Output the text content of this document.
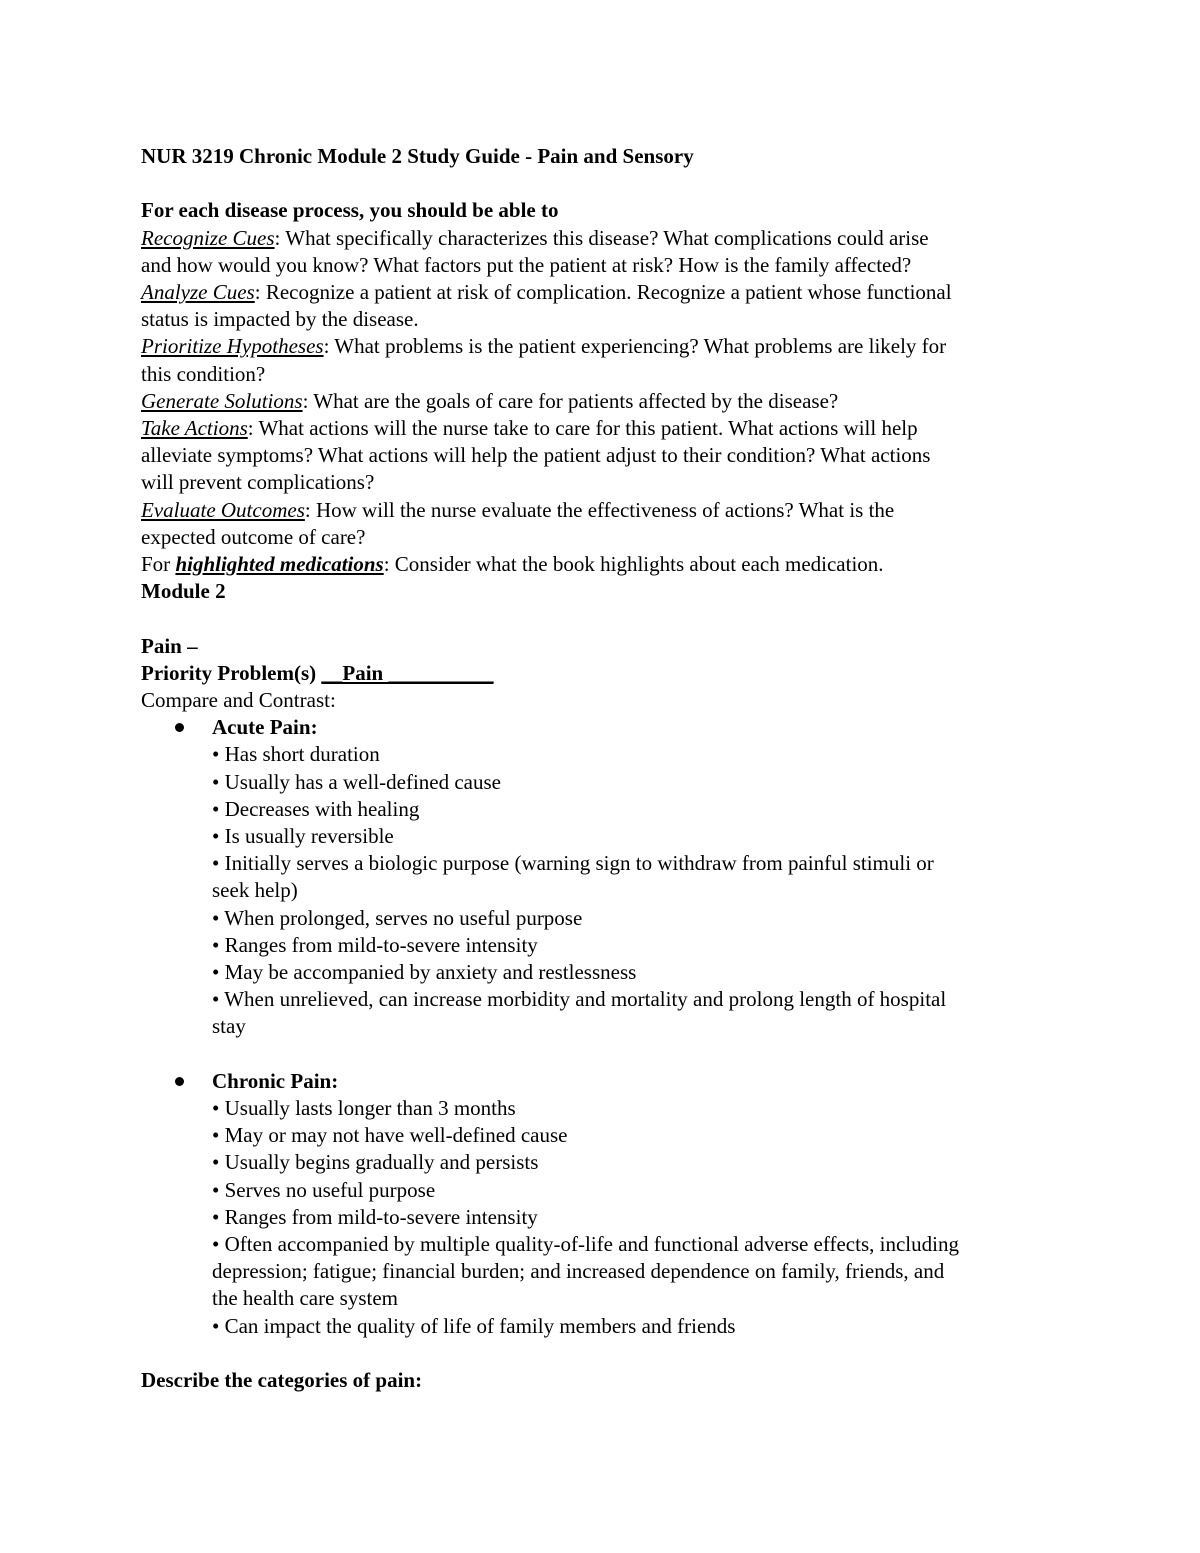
NUR 3219 Chronic Module 2 Study Guide - Pain and Sensory
For each disease process, you should be able to
Recognize Cues: What specifically characterizes this disease? What complications could arise
and how would you know? What factors put the patient at risk? How is the family affected?
Analyze Cues: Recognize a patient at risk of complication. Recognize a patient whose functional
status is impacted by the disease.
Prioritize Hypotheses: What problems is the patient experiencing? What problems are likely for
this condition?
Generate Solutions: What are the goals of care for patients affected by the disease?
Take Actions: What actions will the nurse take to care for this patient. What actions will help
alleviate symptoms? What actions will help the patient adjust to their condition? What actions
will prevent complications?
Evaluate Outcomes: How will the nurse evaluate the effectiveness of actions? What is the
expected outcome of care?
For highlighted medications: Consider what the book highlights about each medication.
Module 2
Pain –
Priority Problem(s) __Pain __________
Compare and Contrast:
Acute Pain:
• Has short duration
• Usually has a well-defined cause
• Decreases with healing
• Is usually reversible
• Initially serves a biologic purpose (warning sign to withdraw from painful stimuli or
seek help)
• When prolonged, serves no useful purpose
• Ranges from mild-to-severe intensity
• May be accompanied by anxiety and restlessness
• When unrelieved, can increase morbidity and mortality and prolong length of hospital
stay
Chronic Pain:
• Usually lasts longer than 3 months
• May or may not have well-defined cause
• Usually begins gradually and persists
• Serves no useful purpose
• Ranges from mild-to-severe intensity
• Often accompanied by multiple quality-of-life and functional adverse effects, including
depression; fatigue; financial burden; and increased dependence on family, friends, and
the health care system
• Can impact the quality of life of family members and friends
Describe the categories of pain:
